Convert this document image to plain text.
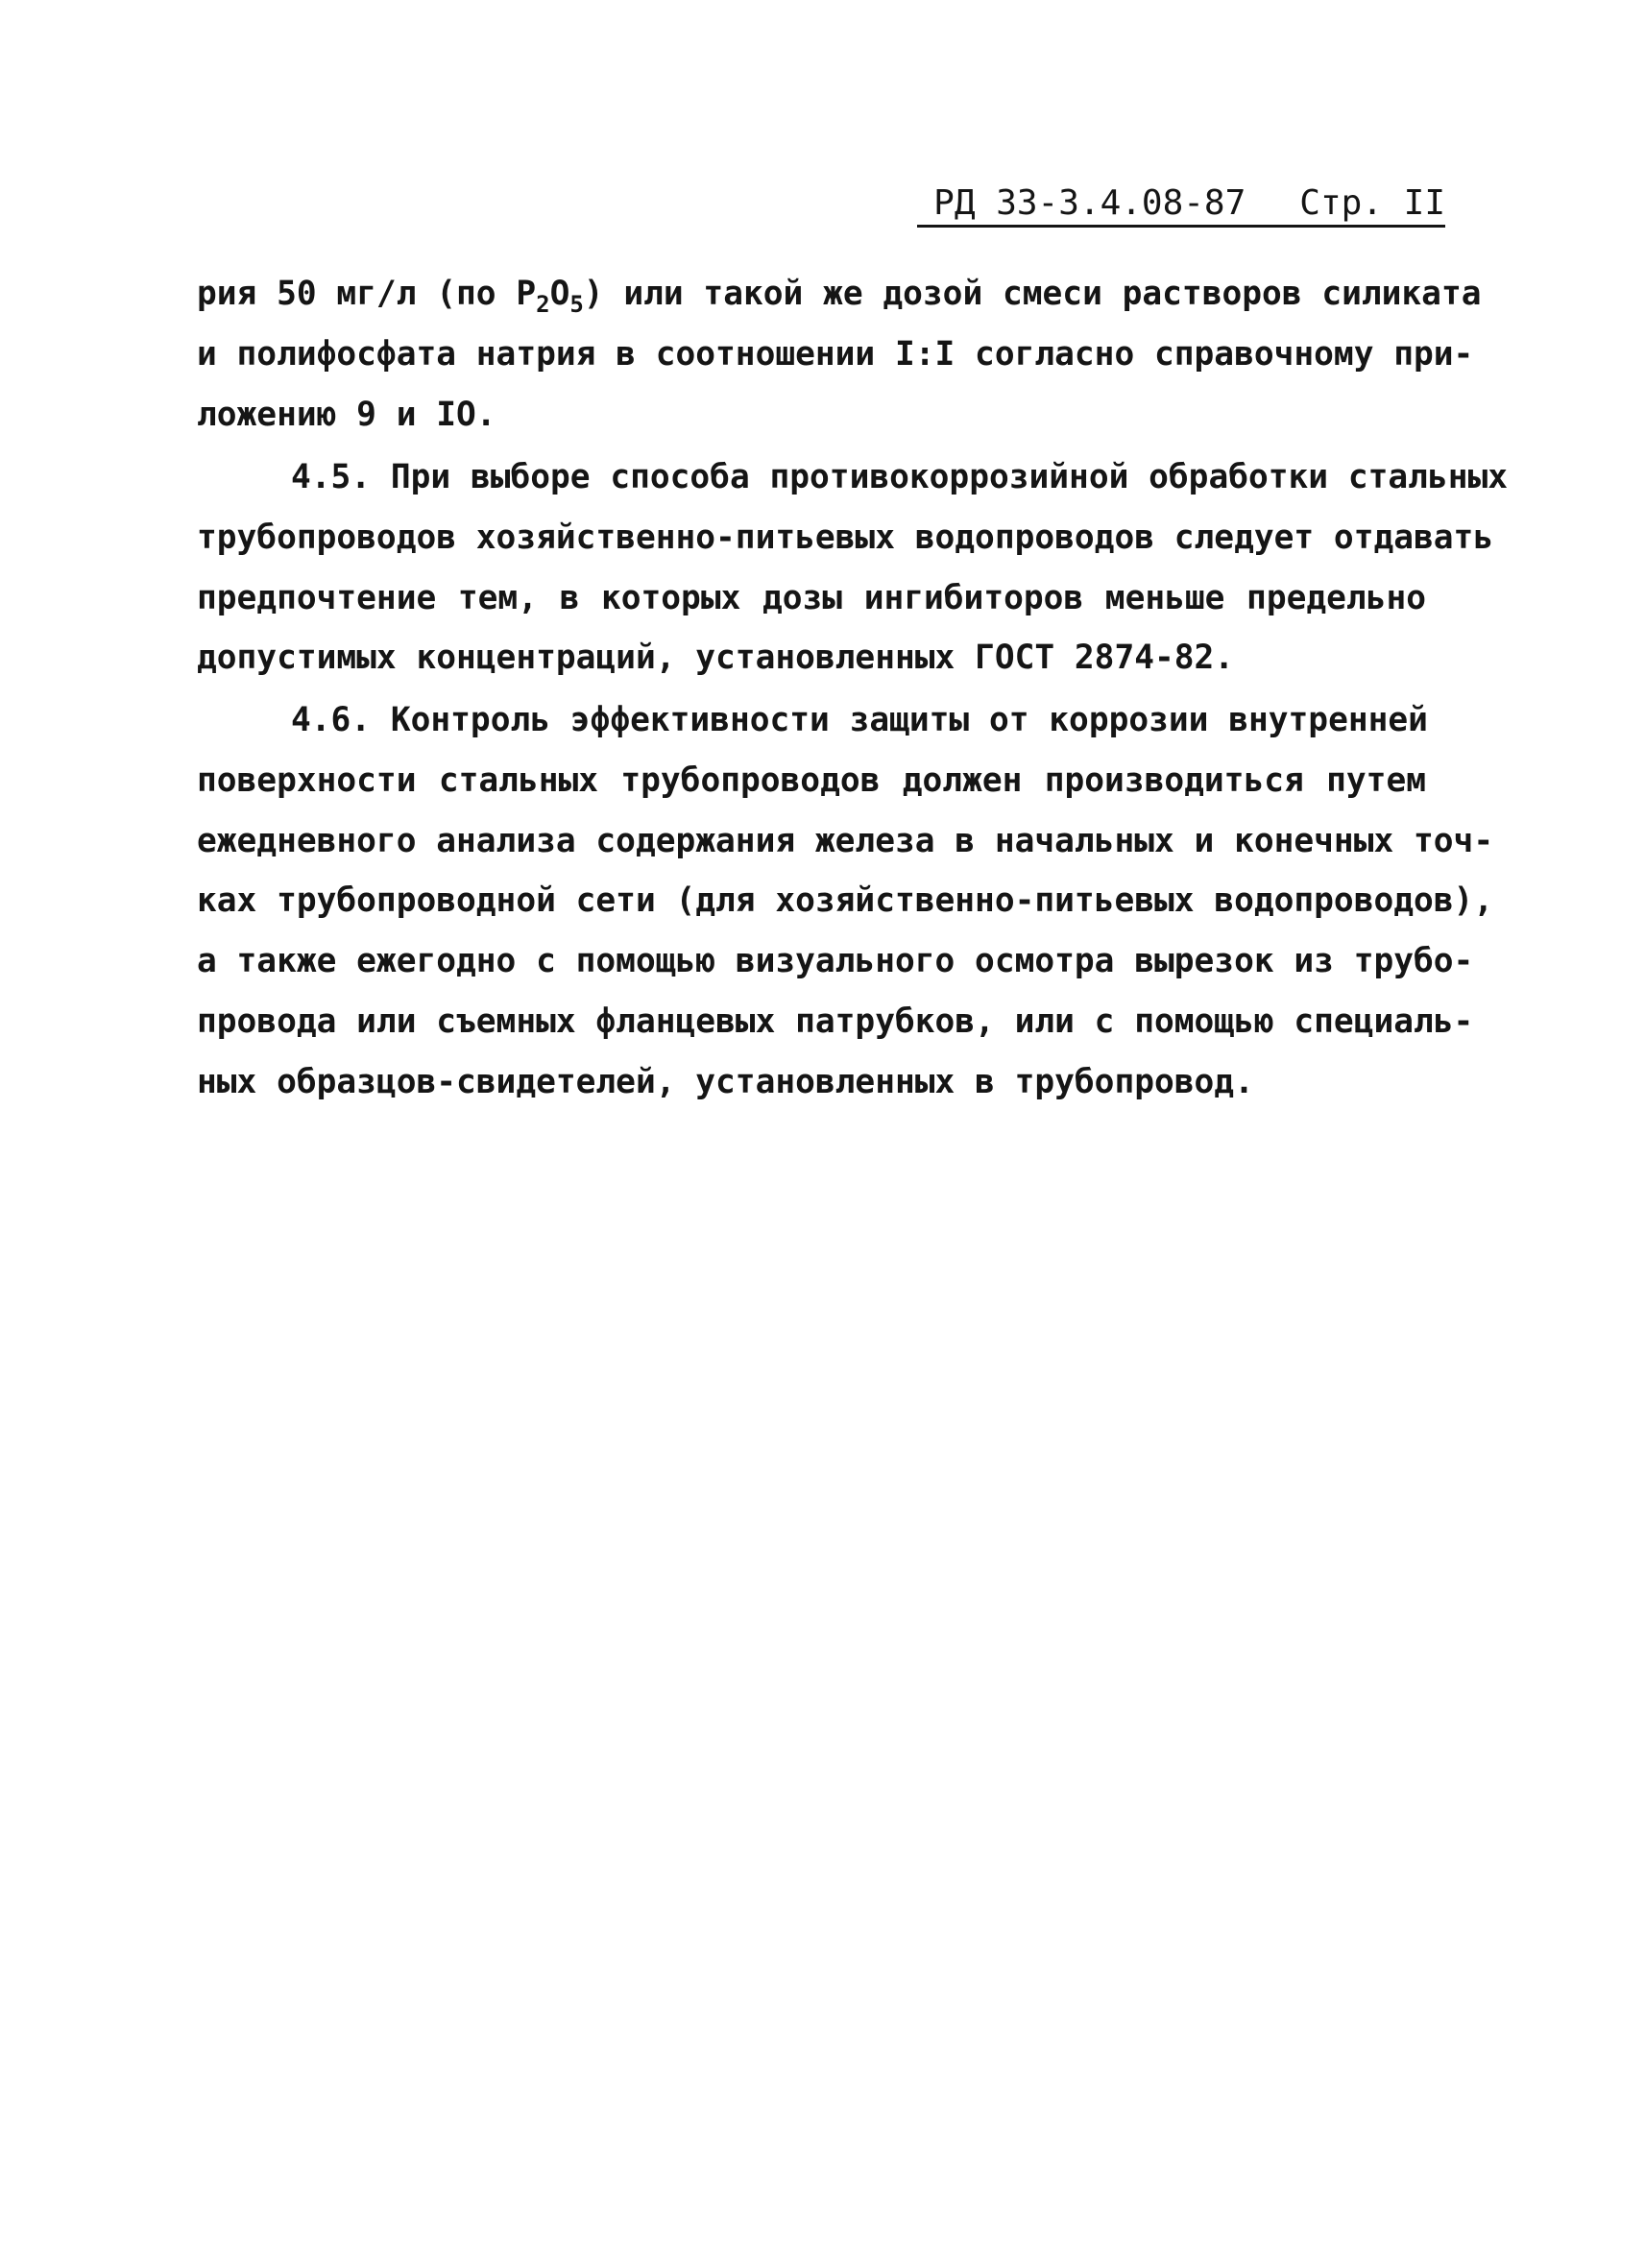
РД 33-3.4.08-87 Стр. II
рия 50 мг/л (по $P_2O_5$) или такой же дозой смеси растворов силиката
и полифосфата натрия в соотношении I:I согласно справочному при-
ложению 9 и IO.
4.5. При выборе способа противокоррозийной обработки стальных
трубопроводов хозяйственно-питьевых водопроводов следует отдавать
предпочтение тем, в которых дозы ингибиторов меньше предельно
допустимых концентраций, установленных ГОСТ 2874-82.
4.6. Контроль эффективности защиты от коррозии внутренней
поверхности стальных трубопроводов должен производиться путем
ежедневного анализа содержания железа в начальных и конечных точ-
ках трубопроводной сети (для хозяйственно-питьевых водопроводов),
а также ежегодно с помощью визуального осмотра вырезок из трубо-
провода или съемных фланцевых патрубков, или с помощью специаль-
ных образцов-свидетелей, установленных в трубопровод.
